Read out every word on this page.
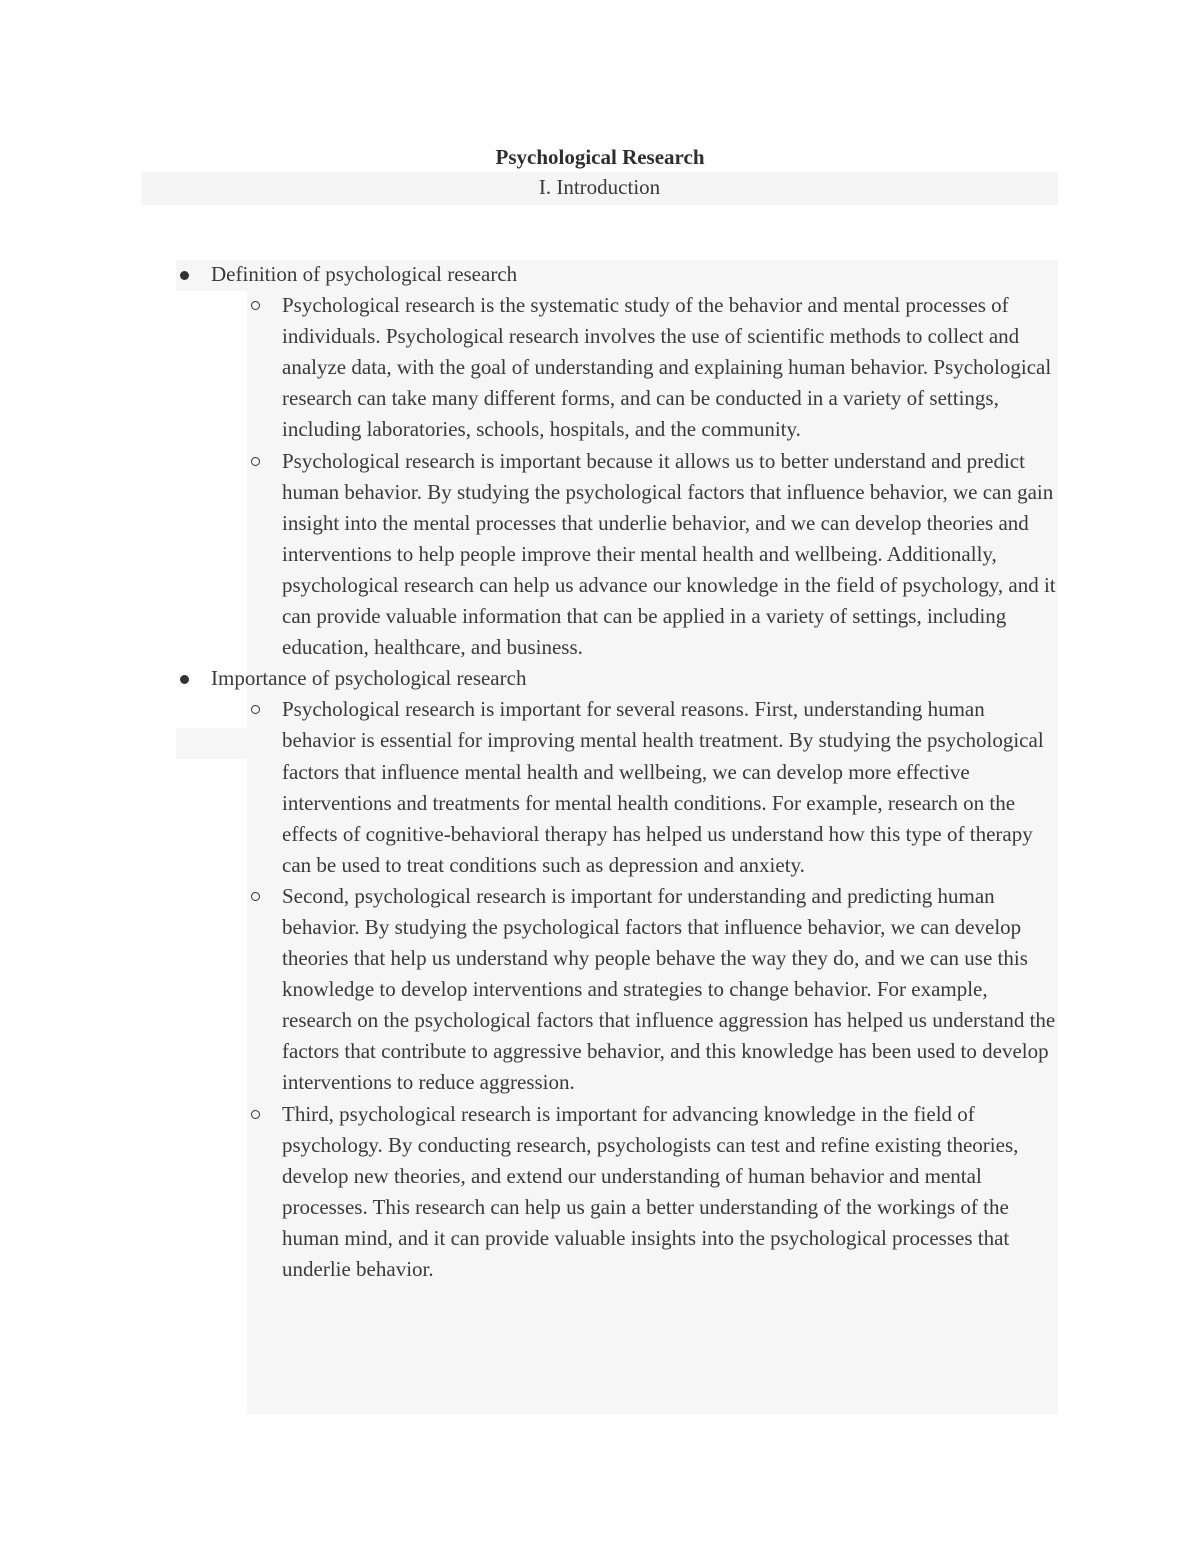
Psychological Research
I. Introduction
Definition of psychological research
Psychological research is the systematic study of the behavior and mental processes of individuals. Psychological research involves the use of scientific methods to collect and analyze data, with the goal of understanding and explaining human behavior. Psychological research can take many different forms, and can be conducted in a variety of settings, including laboratories, schools, hospitals, and the community.
Psychological research is important because it allows us to better understand and predict human behavior. By studying the psychological factors that influence behavior, we can gain insight into the mental processes that underlie behavior, and we can develop theories and interventions to help people improve their mental health and wellbeing. Additionally, psychological research can help us advance our knowledge in the field of psychology, and it can provide valuable information that can be applied in a variety of settings, including education, healthcare, and business.
Importance of psychological research
Psychological research is important for several reasons. First, understanding human behavior is essential for improving mental health treatment. By studying the psychological factors that influence mental health and wellbeing, we can develop more effective interventions and treatments for mental health conditions. For example, research on the effects of cognitive-behavioral therapy has helped us understand how this type of therapy can be used to treat conditions such as depression and anxiety.
Second, psychological research is important for understanding and predicting human behavior. By studying the psychological factors that influence behavior, we can develop theories that help us understand why people behave the way they do, and we can use this knowledge to develop interventions and strategies to change behavior. For example, research on the psychological factors that influence aggression has helped us understand the factors that contribute to aggressive behavior, and this knowledge has been used to develop interventions to reduce aggression.
Third, psychological research is important for advancing knowledge in the field of psychology. By conducting research, psychologists can test and refine existing theories, develop new theories, and extend our understanding of human behavior and mental processes. This research can help us gain a better understanding of the workings of the human mind, and it can provide valuable insights into the psychological processes that underlie behavior.
